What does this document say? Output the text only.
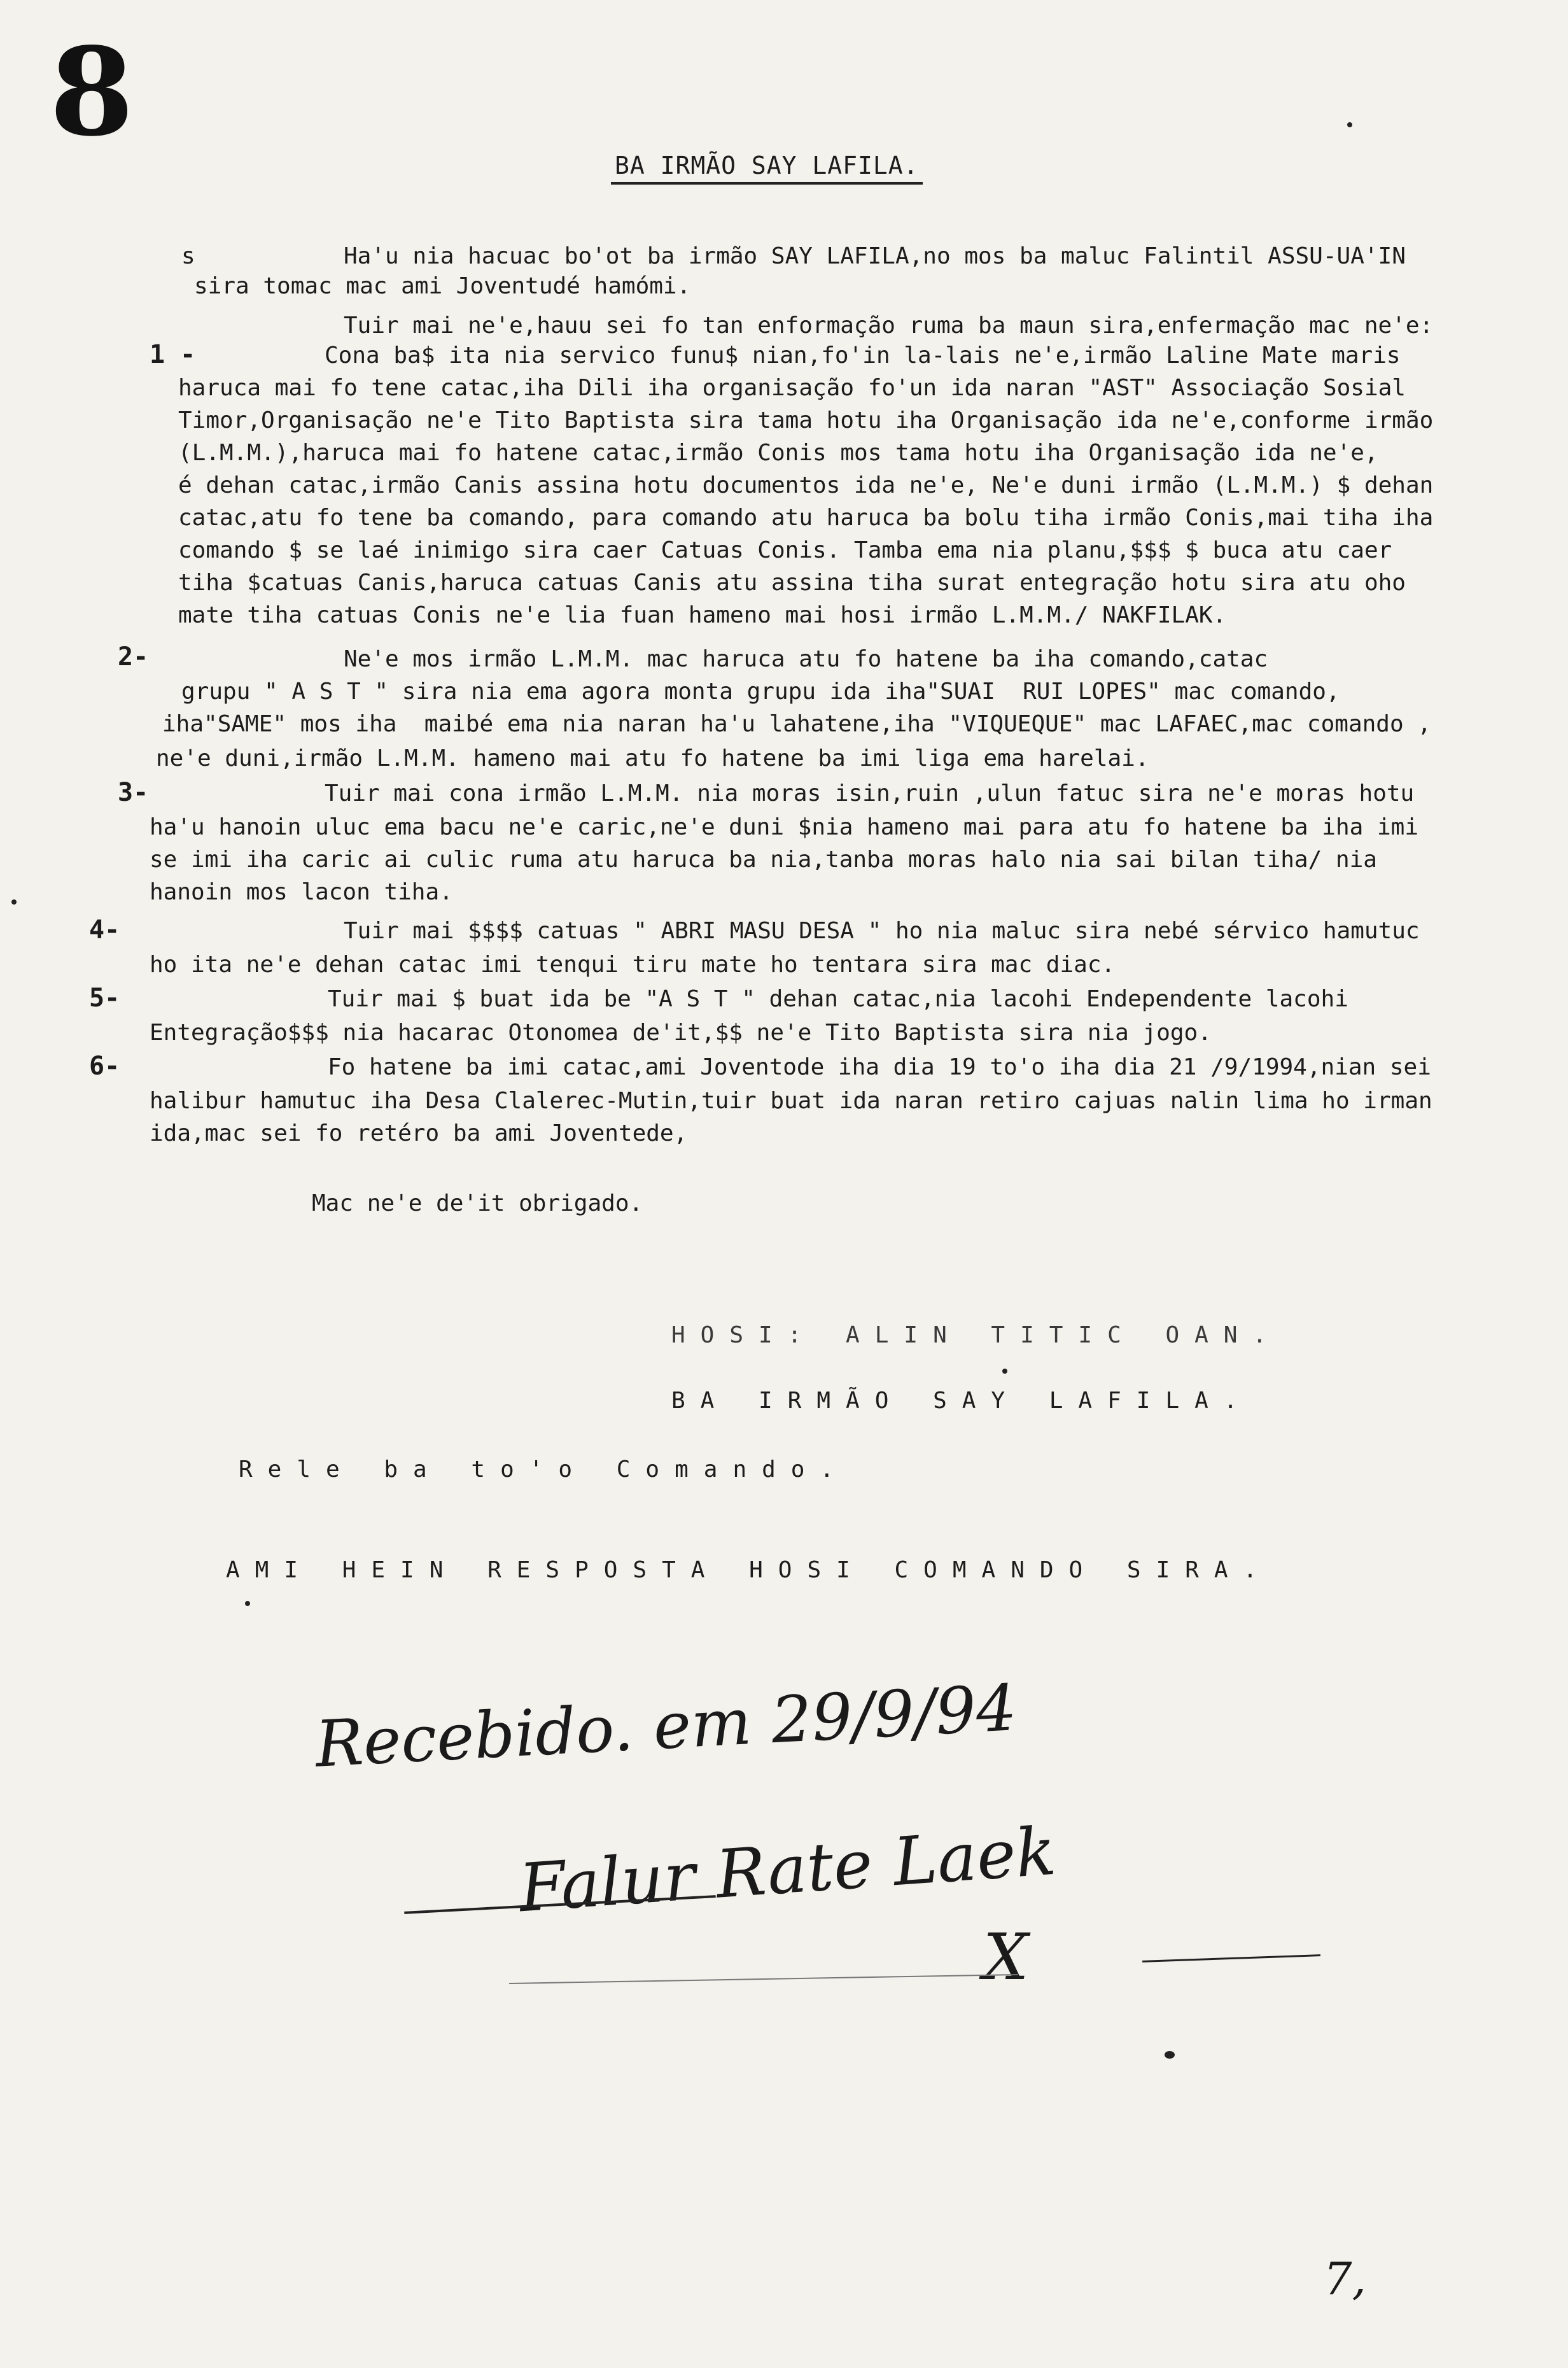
8
BA IRMÃO SAY LAFILA.
s	Ha'u nia hacuac bo'ot ba irmão SAY LAFILA,no mos ba maluc Falintil ASSU-UA'IN
sira tomac mac ami Joventudé hamómi.
Tuir mai ne'e,hauu sei fo tan enformação ruma ba maun sira,enfermação mac ne'e:
1 -	Cona ba$ ita nia servico funu$ nian,fo'in la-lais ne'e,irmão Laline Mate maris
haruca mai fo tene catac,iha Dili iha organisação fo'un ida naran "AST" Associação Sosial
Timor,Organisação ne'e Tito Baptista sira tama hotu iha Organisação ida ne'e,conforme irmão
(L.M.M.),haruca mai fo hatene catac,irmão Conis mos tama hotu iha Organisação ida ne'e,
é dehan catac,irmão Canis assina hotu documentos ida ne'e, Ne'e duni irmão (L.M.M.) $ dehan
catac,atu fo tene ba comando, para comando atu haruca ba bolu tiha irmão Conis,mai tiha iha
comando $ se laé inimigo sira caer Catuas Conis. Tamba ema nia planu,$$$ $ buca atu caer
tiha $catuas Canis,haruca catuas Canis atu assina tiha surat entegração hotu sira atu oho
mate tiha catuas Conis ne'e lia fuan hameno mai hosi irmão L.M.M./ NAKFILAK.
2-	Ne'e mos irmão L.M.M. mac haruca atu fo hatene ba iha comando,catac
grupu " A S T " sira nia ema agora monta grupu ida iha"SUAI  RUI LOPES" mac comando,
iha"SAME" mos iha  maibé ema nia naran ha'u lahatene,iha "VIQUEQUE" mac LAFAEC,mac comando ,
ne'e duni,irmão L.M.M. hameno mai atu fo hatene ba imi liga ema harelai.
3-	Tuir mai cona irmão L.M.M. nia moras isin,ruin ,ulun fatuc sira ne'e moras hotu
ha'u hanoin uluc ema bacu ne'e caric,ne'e duni $nia hameno mai para atu fo hatene ba iha imi
se imi iha caric ai culic ruma atu haruca ba nia,tanba moras halo nia sai bilan tiha/ nia
hanoin mos lacon tiha.
4-	Tuir mai $$$$ catuas " ABRI MASU DESA " ho nia maluc sira nebé sérvico hamutuc
ho ita ne'e dehan catac imi tenqui tiru mate ho tentara sira mac diac.
5-	Tuir mai $ buat ida be "A S T " dehan catac,nia lacohi Endependente lacohi
Entegração$$$ nia hacarac Otonomea de'it,$$ ne'e Tito Baptista sira nia jogo.
6-	Fo hatene ba imi catac,ami Joventode iha dia 19 to'o iha dia 21 /9/1994,nian sei
halibur hamutuc iha Desa Clalerec-Mutin,tuir buat ida naran retiro cajuas nalin lima ho irman
ida,mac sei fo retéro ba ami Joventede,
Mac ne'e de'it obrigado.
HOSI: ALIN TITIC OAN.
BA IRMÃO SAY LAFILA.
Rele ba to'o Comando.
AMI HEIN RESPOSTA HOSI COMANDO SIRA.
Recebido. em 29/9/94
Falur Rate Laek
X
7,
